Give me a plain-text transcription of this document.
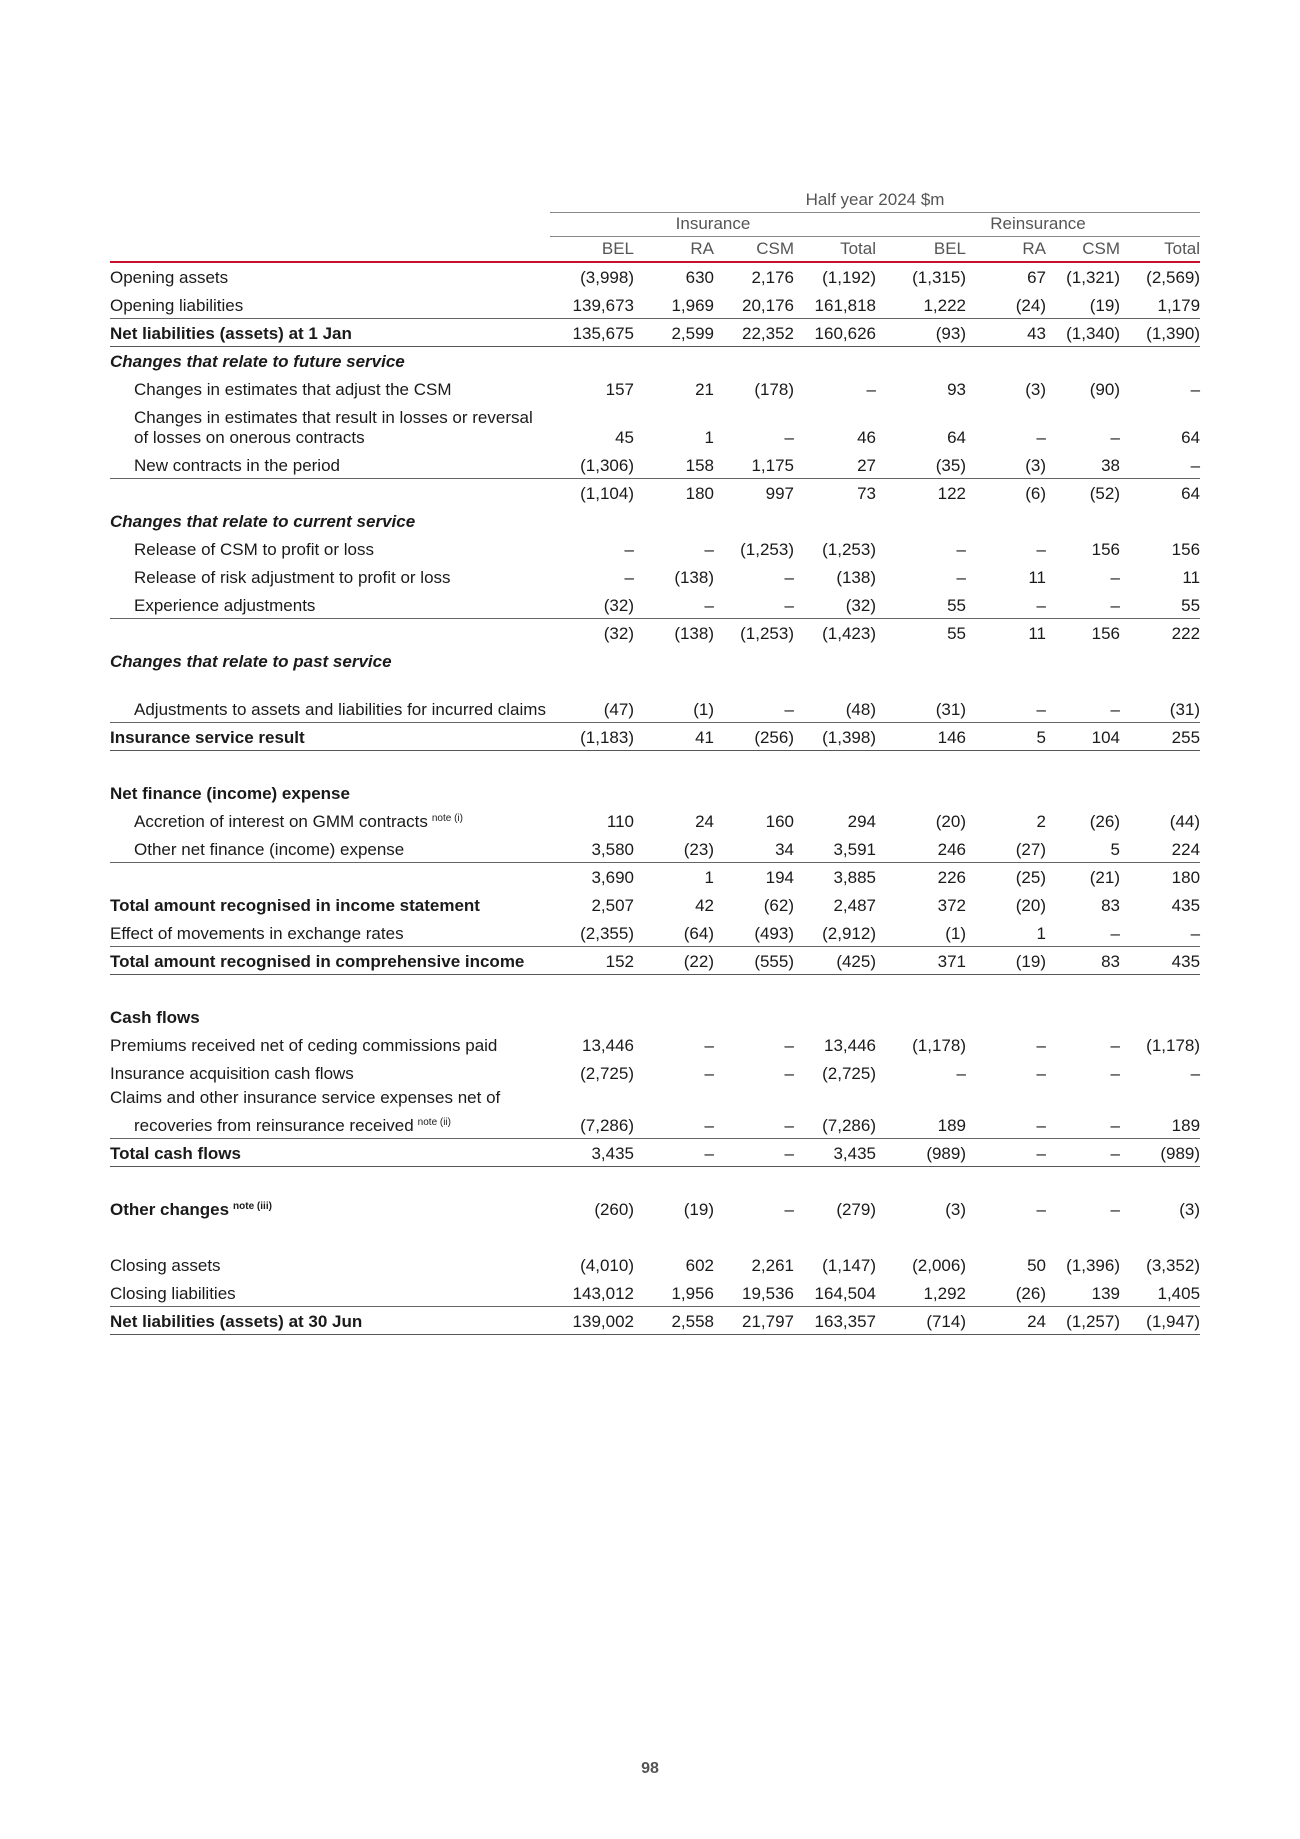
	Half year 2024 $m							
	Insurance				Reinsurance			
	BEL	RA	CSM	Total	BEL	RA	CSM	Total
Opening assets	(3,998)	630	2,176	(1,192)	(1,315)	67	(1,321)	(2,569)
Opening liabilities	139,673	1,969	20,176	161,818	1,222	(24)	(19)	1,179
Net liabilities (assets) at 1 Jan	135,675	2,599	22,352	160,626	(93)	43	(1,340)	(1,390)
Changes that relate to future service								
Changes in estimates that adjust the CSM	157	21	(178)	–	93	(3)	(90)	–
Changes in estimates that result in losses or reversal of losses on onerous contracts	45	1	–	46	64	–	–	64
New contracts in the period	(1,306)	158	1,175	27	(35)	(3)	38	–
	(1,104)	180	997	73	122	(6)	(52)	64
Changes that relate to current service								
Release of CSM to profit or loss	–	–	(1,253)	(1,253)	–	–	156	156
Release of risk adjustment to profit or loss	–	(138)	–	(138)	–	11	–	11
Experience adjustments	(32)	–	–	(32)	55	–	–	55
	(32)	(138)	(1,253)	(1,423)	55	11	156	222
Changes that relate to past service								
Adjustments to assets and liabilities for incurred claims	(47)	(1)	–	(48)	(31)	–	–	(31)
Insurance service result	(1,183)	41	(256)	(1,398)	146	5	104	255

Net finance (income) expense								
Accretion of interest on GMM contracts $^{note (i)}$	110	24	160	294	(20)	2	(26)	(44)
Other net finance (income) expense	3,580	(23)	34	3,591	246	(27)	5	224
	3,690	1	194	3,885	226	(25)	(21)	180
Total amount recognised in income statement	2,507	42	(62)	2,487	372	(20)	83	435
Effect of movements in exchange rates	(2,355)	(64)	(493)	(2,912)	(1)	1	–	–
Total amount recognised in comprehensive income	152	(22)	(555)	(425)	371	(19)	83	435

Cash flows								
Premiums received net of ceding commissions paid	13,446	–	–	13,446	(1,178)	–	–	(1,178)
Insurance acquisition cash flows	(2,725)	–	–	(2,725)	–	–	–	–
Claims and other insurance service expenses net of								
recoveries from reinsurance received $^{note (ii)}$	(7,286)	–	–	(7,286)	189	–	–	189
Total cash flows	3,435	–	–	3,435	(989)	–	–	(989)

Other changes $^{note (iii)}$	(260)	(19)	–	(279)	(3)	–	–	(3)

Closing assets	(4,010)	602	2,261	(1,147)	(2,006)	50	(1,396)	(3,352)
Closing liabilities	143,012	1,956	19,536	164,504	1,292	(26)	139	1,405
Net liabilities (assets) at 30 Jun	139,002	2,558	21,797	163,357	(714)	24	(1,257)	(1,947)
98
